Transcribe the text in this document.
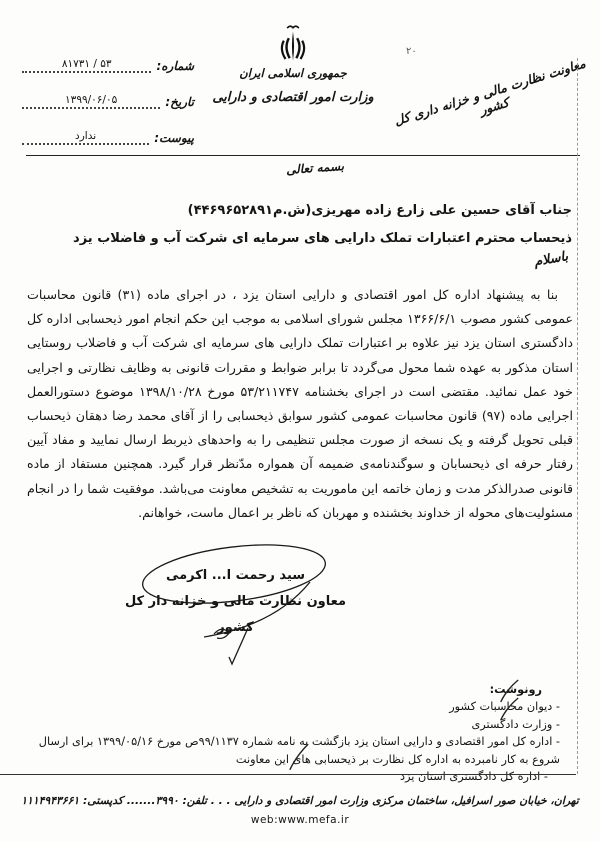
جمهوری اسلامی ایران
وزارت امور اقتصادی و دارایی	معاونت نظارت مالی و خزانه داری کل کشور
۲۰
شماره:
۵۳ / ۸۱۷۳۱
تاریخ:
۱۳۹۹/۰۶/۰۵
پیوست:
ندارد
بسمه تعالی
جناب آقای حسین علی زارع زاده مهریزی(ش.م۴۴۶۹۶۵۲۸۹۱)
ذیحساب محترم اعتبارات تملک دارایی های سرمایه ای شرکت آب و فاضلاب یزد
باسلام
بنا به پیشنهاد اداره کل امور اقتصادی و دارایی استان یزد ، در اجرای ماده (۳۱) قانون محاسبات عمومی کشور مصوب ۱۳۶۶/۶/۱ مجلس شورای اسلامی به موجب این حکم انجام امور ذیحسابی اداره کل دادگستری استان یزد نیز علاوه بر اعتبارات تملک دارایی های سرمایه ای شرکت آب و فاضلاب روستایی استان مذکور به عهده شما محول می‌گردد تا برابر ضوابط و مقررات قانونی به وظایف نظارتی و اجرایی خود عمل نمائید. مقتضی است در اجرای بخشنامه ۵۳/۲۱۱۷۴۷ مورخ ۱۳۹۸/۱۰/۲۸ موضوع دستورالعمل اجرایی ماده (۹۷) قانون محاسبات عمومی کشور سوابق ذیحسابی را از آقای محمد رضا دهقان ذیحساب قبلی تحویل گرفته و یک نسخه از صورت مجلس تنظیمی را به واحدهای ذیربط ارسال نمایید و مفاد آیین رفتار حرفه ای ذیحسابان و سوگندنامه‌ی ضمیمه آن همواره مدّنظر قرار گیرد. همچنین مستفاد از ماده قانونی صدرالذکر مدت و زمان خاتمه این ماموریت به تشخیص معاونت می‌باشد. موفقیت شما را در انجام مسئولیت‌های محوله از خداوند بخشنده و مهربان که ناظر بر اعمال ماست، خواهانم.
سید رحمت ا... اکرمی
معاون نظارت مالی و خزانه دار کل کشور
رونوشت:
- دیوان محاسبات کشور
- وزارت دادگستری
- اداره کل امور اقتصادی و دارایی استان یزد بازگشت به نامه شماره ۹۹/۱۱۳۷ص مورخ ۱۳۹۹/۰۵/۱۶ برای ارسال شروع به کار نامبرده به اداره کل نظارت بر ذیحسابی های این معاونت
- اداره کل دادگستری استان یزد
تهران، خیابان صور اسرافیل، ساختمان مرکزی وزارت امور اقتصادی و دارایی . . . تلفن: ۳۹۹۰....... کدپستی: ۱۱۱۴۹۴۳۶۶۱
web:www.mefa.ir
